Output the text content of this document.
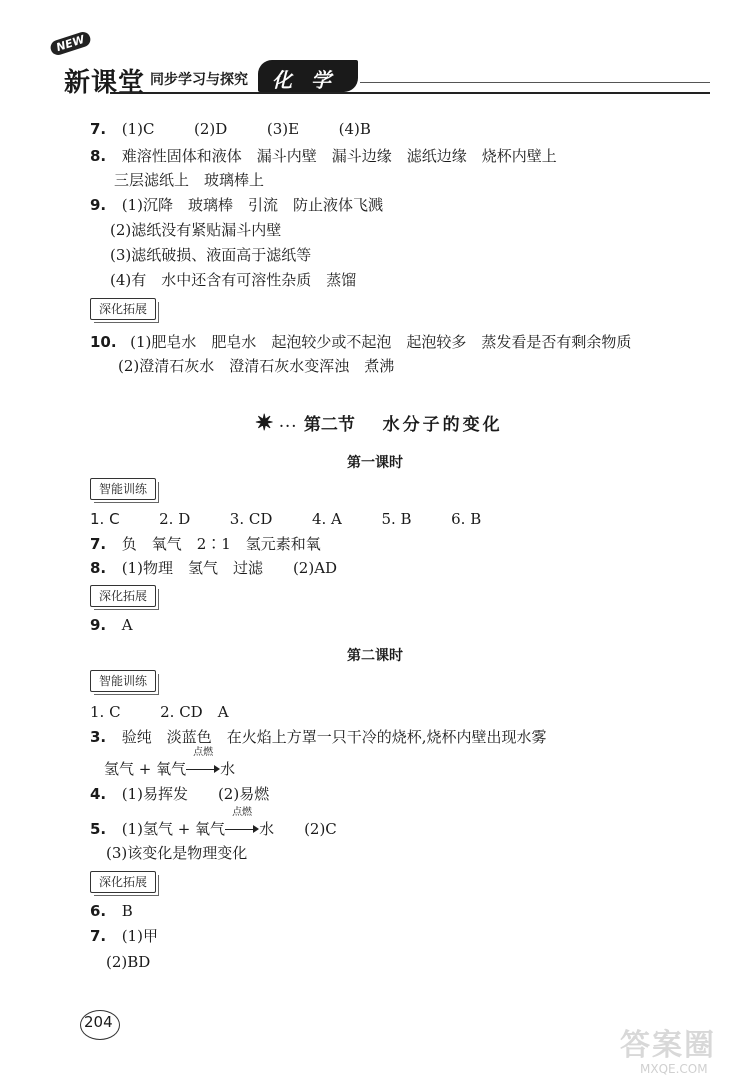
NEW
新课堂 同步学习与探究 化 学
7. (1)C	(2)D	(3)E	(4)B
8. 难溶性固体和液体　漏斗内壁　漏斗边缘　滤纸边缘　烧杯内壁上
三层滤纸上　玻璃棒上
9. (1)沉降　玻璃棒　引流　防止液体飞溅
(2)滤纸没有紧贴漏斗内壁
(3)滤纸破损、液面高于滤纸等
(4)有　水中还含有可溶性杂质　蒸馏
深化拓展
10. (1)肥皂水　肥皂水　起泡较少或不起泡　起泡较多　蒸发看是否有剩余物质
(2)澄清石灰水　澄清石灰水变浑浊　煮沸
✷ ··· 第二节 水分子的变化
第一课时
智能训练
1. C	2. D	3. CD	4. A	5. B	6. B
7. 负　氧气　2∶1　氢元素和氧
8. (1)物理　氢气　过滤　　(2)AD
深化拓展
9. A
第二课时
智能训练
1. C	2. CD　A
3. 验纯　淡蓝色　在火焰上方罩一只干冷的烧杯,烧杯内壁出现水雾
氢气 + 氧气
点燃
水
4. (1)易挥发　　(2)易燃
5. (1)氢气 + 氧气
点燃
水　　(2)C
(3)该变化是物理变化
深化拓展
6. B
7. (1)甲
(2)BD
204
答案圈
MXQE.COM
